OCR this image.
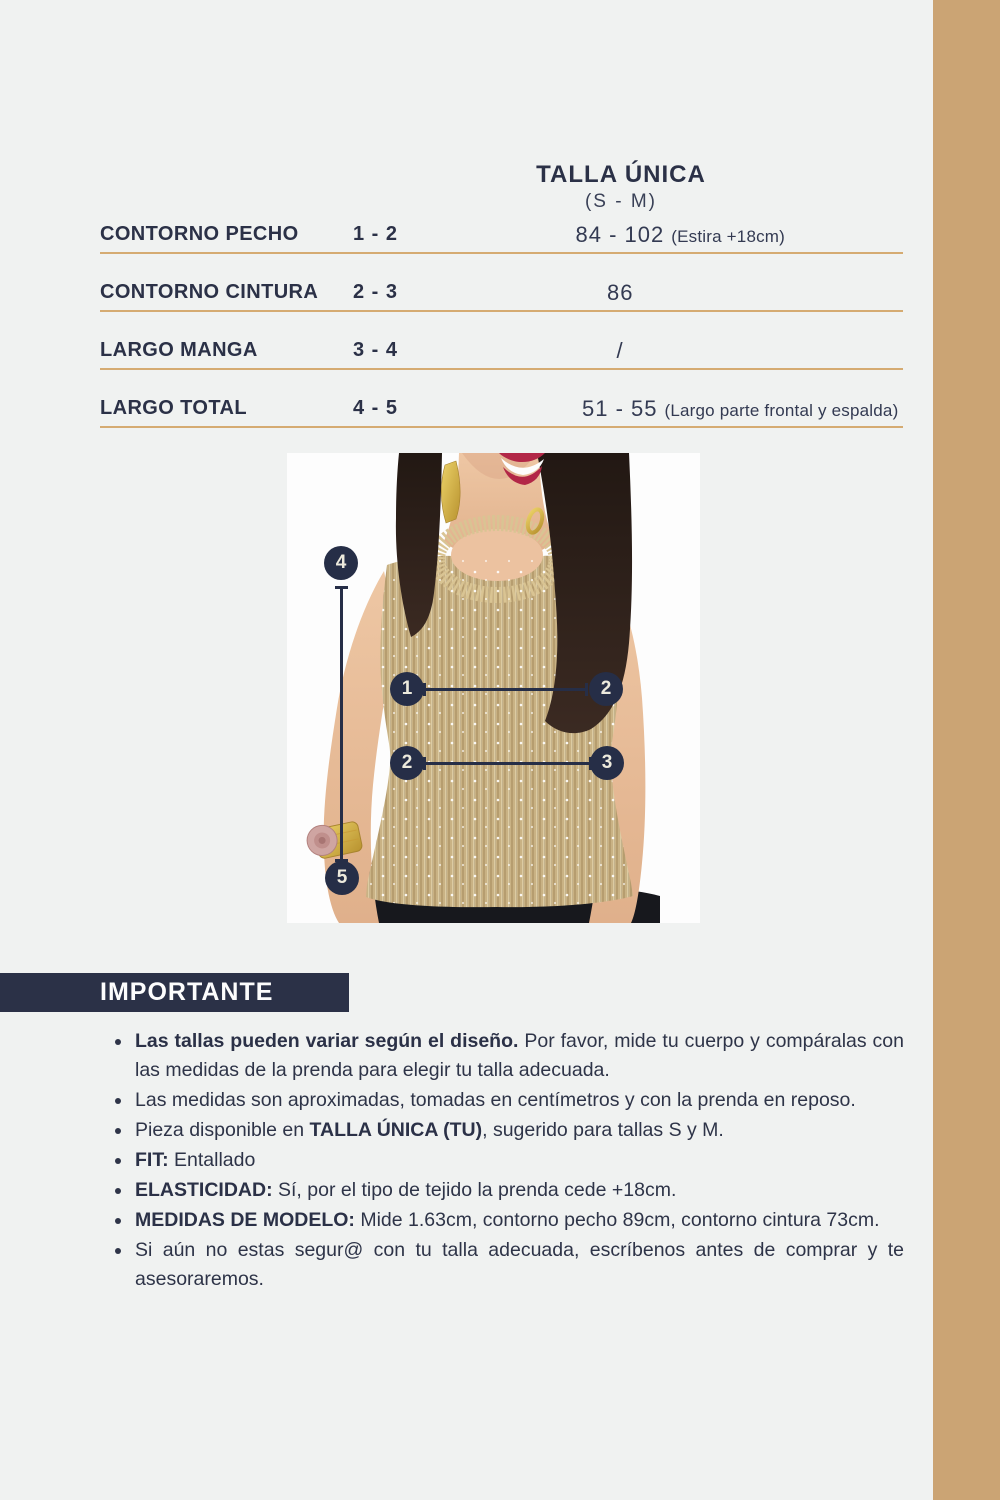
TALLA ÚNICA
(S - M)
CONTORNO PECHO	1 - 2	84 - 102 (Estira +18cm)
CONTORNO CINTURA 2 - 3	86
LARGO MANGA	3 - 4	/
LARGO TOTAL	4 - 5	51 - 55 (Largo parte frontal y espalda)
4
5
1	2
2	3
IMPORTANTE
Las tallas pueden variar según el diseño. Por favor, mide tu cuerpo y compáralas con las medidas de la prenda para elegir tu talla adecuada.
Las medidas son aproximadas, tomadas en centímetros y con la prenda en reposo.
Pieza disponible en TALLA ÚNICA (TU), sugerido para tallas S y M.
FIT: Entallado
ELASTICIDAD: Sí, por el tipo de tejido la prenda cede +18cm.
MEDIDAS DE MODELO: Mide 1.63cm, contorno pecho 89cm, contorno cintura 73cm.
Si aún no estas segur@ con tu talla adecuada, escríbenos antes de comprar y te asesoraremos.
